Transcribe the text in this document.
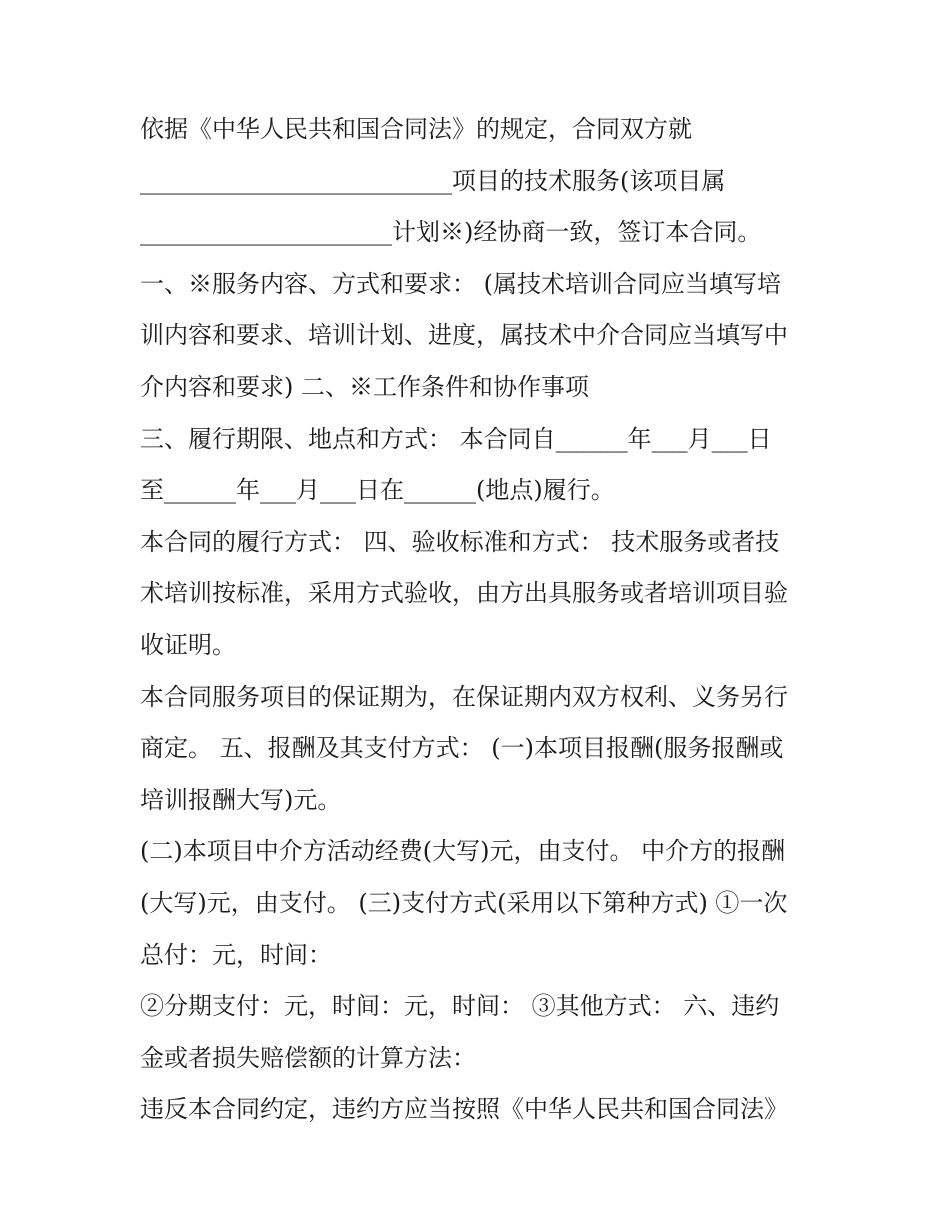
依据《中华人民共和国合同法》的规定，合同双方就
__________________________项目的技术服务(该项目属
_____________________计划※)经协商一致，签订本合同。
一、※服务内容、方式和要求： (属技术培训合同应当填写培
训内容和要求、培训计划、进度，属技术中介合同应当填写中
介内容和要求) 二、※工作条件和协作事项
三、履行期限、地点和方式： 本合同自______年___月___日
至______年___月___日在______(地点)履行。
本合同的履行方式： 四、验收标准和方式： 技术服务或者技
术培训按标准，采用方式验收，由方出具服务或者培训项目验
收证明。
本合同服务项目的保证期为，在保证期内双方权利、义务另行
商定。 五、报酬及其支付方式： (一)本项目报酬(服务报酬或
培训报酬大写)元。
(二)本项目中介方活动经费(大写)元，由支付。 中介方的报酬
(大写)元，由支付。 (三)支付方式(采用以下第种方式) ①一次
总付：元，时间：
②分期支付：元，时间：元，时间： ③其他方式： 六、违约
金或者损失赔偿额的计算方法：
违反本合同约定，违约方应当按照《中华人民共和国合同法》
